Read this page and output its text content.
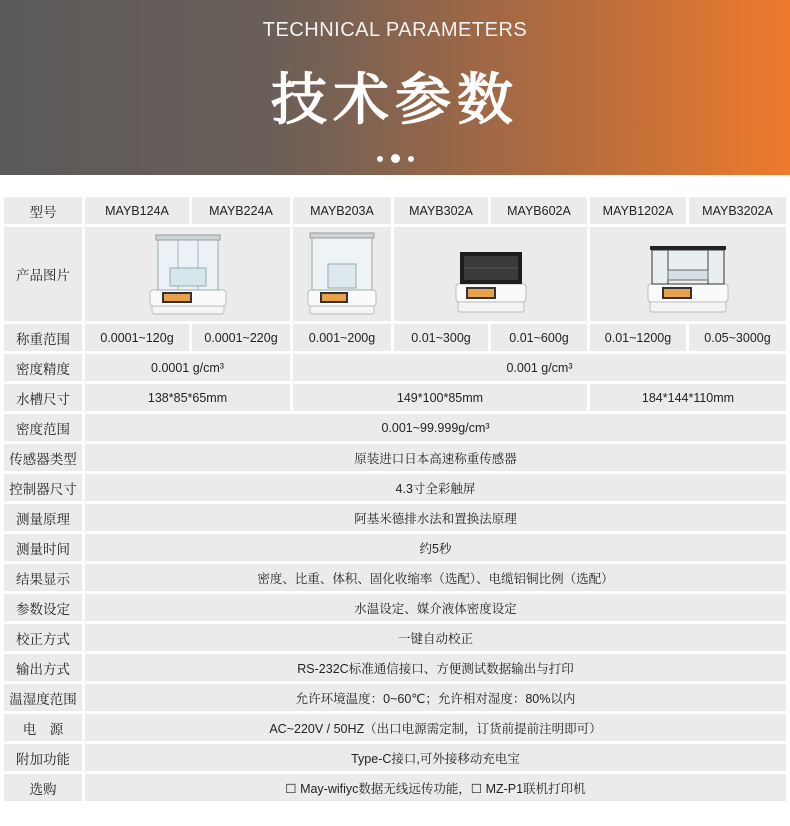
TECHNICAL PARAMETERS
技术参数
型号	MAYB124A	MAYB224A	MAYB203A	MAYB302A	MAYB602A	MAYB1202A	MAYB3202A
产品图片
称重范围	0.0001~120g	0.0001~220g	0.001~200g	0.01~300g	0.01~600g	0.01~1200g	0.05~3000g
密度精度	0.0001 g/cm³	0.001 g/cm³
水槽尺寸	138*85*65mm	149*100*85mm	184*144*110mm
密度范围	0.001~99.999g/cm³
传感器类型	原装进口日本高速称重传感器
控制器尺寸	4.3寸全彩触屏
测量原理	阿基米德排水法和置换法原理
测量时间	约5秒
结果显示	密度、比重、体积、固化收缩率（选配）、电缆铝铜比例（选配）
参数设定	水温设定、媒介液体密度设定
校正方式	一键自动校正
输出方式	RS-232C标准通信接口、方便测试数据输出与打印
温湿度范围	允许环境温度：0~60℃；允许相对湿度：80%以内
电　源	AC~220V / 50HZ（出口电源需定制，订货前提前注明即可）
附加功能	Type-C接口,可外接移动充电宝
选购	☐ May-wifiyc数据无线远传功能，☐ MZ-P1联机打印机
